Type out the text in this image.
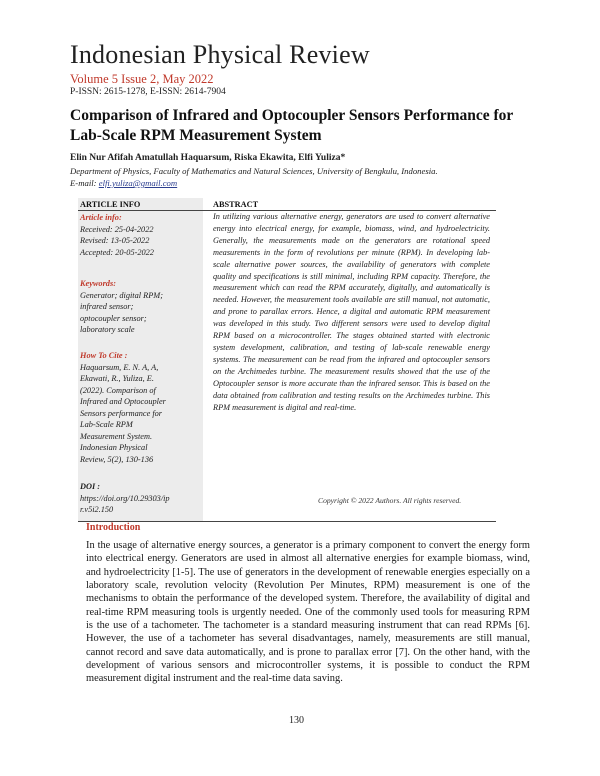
Indonesian Physical Review
Volume 5 Issue 2, May 2022
P-ISSN: 2615-1278, E-ISSN: 2614-7904
Comparison of Infrared and Optocoupler Sensors Performance for Lab-Scale RPM Measurement System
Elin Nur Afifah Amatullah Haquarsum, Riska Ekawita, Elfi Yuliza*
Department of Physics, Faculty of Mathematics and Natural Sciences, University of Bengkulu, Indonesia.
E-mail: elfi.yuliza@gmail.com
ARTICLE INFO	ABSTRACT
Article info:
Received: 25-04-2022
Revised: 13-05-2022
Accepted: 20-05-2022
Keywords:
Generator; digital RPM;
infrared sensor;
optocoupler sensor;
laboratory scale
How To Cite :
Haquarsum, E. N. A, A,
Ekawati, R., Yuliza, E.
(2022). Comparison of
Infrared and Optocoupler
Sensors performance for
Lab-Scale RPM
Measurement System.
Indonesian Physical
Review, 5(2), 130-136
DOI :
https://doi.org/10.29303/ip
r.v5i2.150
In utilizing various alternative energy, generators are used to convert alternative energy into electrical energy, for example, biomass, wind, and hydroelectricity. Generally, the measurements made on the generators are rotational speed measurements in the form of revolutions per minute (RPM). In developing lab-scale alternative power sources, the availability of generators with complete quality and specifications is still minimal, including RPM capacity. Therefore, the measurement which can read the RPM accurately, digitally, and automatically is needed. However, the measurement tools available are still manual, not automatic, and prone to parallax errors. Hence, a digital and automatic RPM measurement was developed in this study. Two different sensors were used to develop digital RPM based on a microcontroller. The stages obtained started with electronic system development, calibration, and testing of lab-scale renewable energy systems. The measurement can be read from the infrared and optocoupler sensors on the Archimedes turbine. The measurement results showed that the use of the Optocoupler sensor is more accurate than the infrared sensor. This is based on the data obtained from calibration and testing results on the Archimedes turbine. This RPM measurement is digital and real-time.
Copyright © 2022 Authors. All rights reserved.
Introduction
In the usage of alternative energy sources, a generator is a primary component to convert the energy form into electrical energy. Generators are used in almost all alternative energies for example biomass, wind, and hydroelectricity [1-5]. The use of generators in the development of renewable energies especially on a laboratory scale, revolution velocity (Revolution Per Minutes, RPM) measurement is one of the mechanisms to obtain the performance of the developed system. Therefore, the availability of digital and real-time RPM measuring tools is urgently needed. One of the commonly used tools for measuring RPM is the use of a tachometer. The tachometer is a standard measuring instrument that can read RPMs [6]. However, the use of a tachometer has several disadvantages, namely, measurements are still manual, cannot record and save data automatically, and is prone to parallax error [7]. On the other hand, with the development of various sensors and microcontroller systems, it is possible to conduct the RPM measurement digital instrument and the real-time data saving.
130
